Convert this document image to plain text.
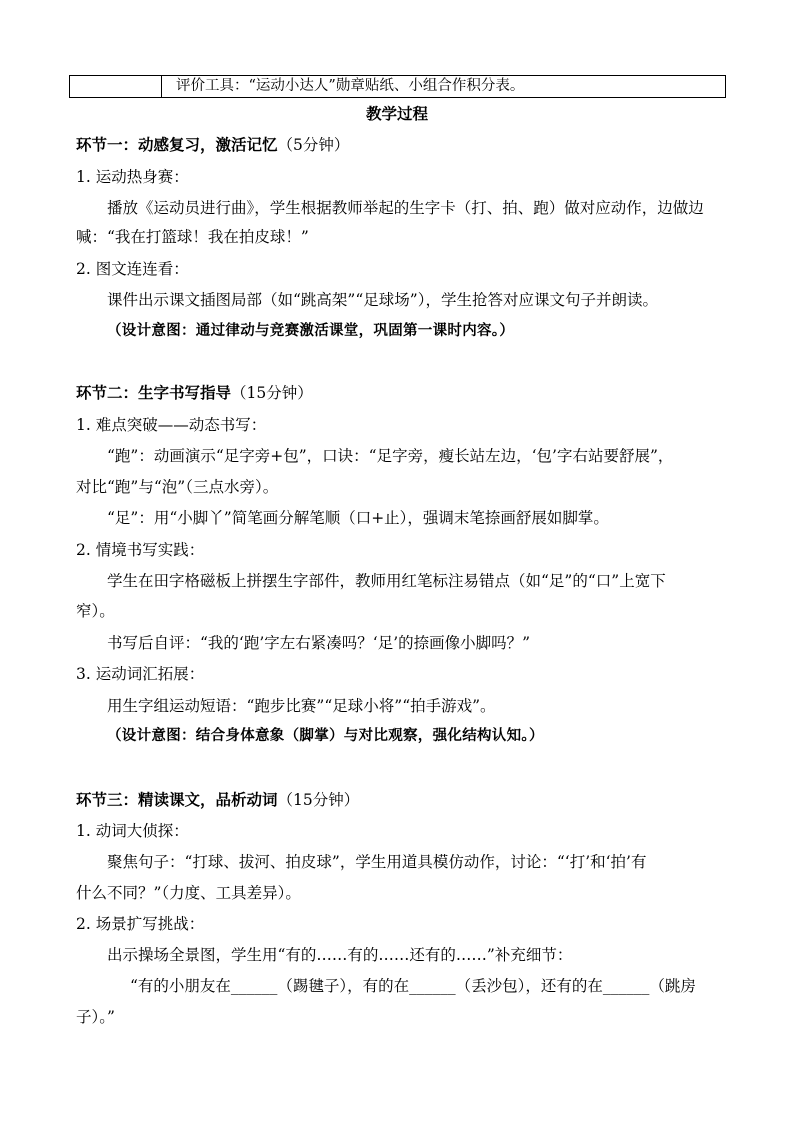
	评价工具：“运动小达人”勋章贴纸、小组合作积分表。
教学过程
环节一：动感复习，激活记忆（5分钟）
1. 运动热身赛：
播放《运动员进行曲》，学生根据教师举起的生字卡（打、拍、跑）做对应动作，边做边
喊：“我在打篮球！我在拍皮球！”
2. 图文连连看：
课件出示课文插图局部（如“跳高架”“足球场”），学生抢答对应课文句子并朗读。
（设计意图：通过律动与竞赛激活课堂，巩固第一课时内容。）
环节二：生字书写指导（15分钟）
1. 难点突破——动态书写：
“跑”：动画演示“足字旁+包”，口诀：“足字旁，瘦长站左边，‘包’字右站要舒展”，
对比“跑”与“泡”（三点水旁）。
“足”：用“小脚丫”简笔画分解笔顺（口+止），强调末笔捺画舒展如脚掌。
2. 情境书写实践：
学生在田字格磁板上拼摆生字部件，教师用红笔标注易错点（如“足”的“口”上宽下
窄）。
书写后自评：“我的‘跑’字左右紧凑吗？‘足’的捺画像小脚吗？”
3. 运动词汇拓展：
用生字组运动短语：“跑步比赛”“足球小将”“拍手游戏”。
（设计意图：结合身体意象（脚掌）与对比观察，强化结构认知。）
环节三：精读课文，品析动词（15分钟）
1. 动词大侦探：
聚焦句子：“打球、拔河、拍皮球”，学生用道具模仿动作，讨论：“‘打’和‘拍’有
什么不同？”（力度、工具差异）。
2. 场景扩写挑战：
出示操场全景图，学生用“有的……有的……还有的……”补充细节：
“有的小朋友在______（踢毽子），有的在______（丢沙包），还有的在______（跳房
子）。”
